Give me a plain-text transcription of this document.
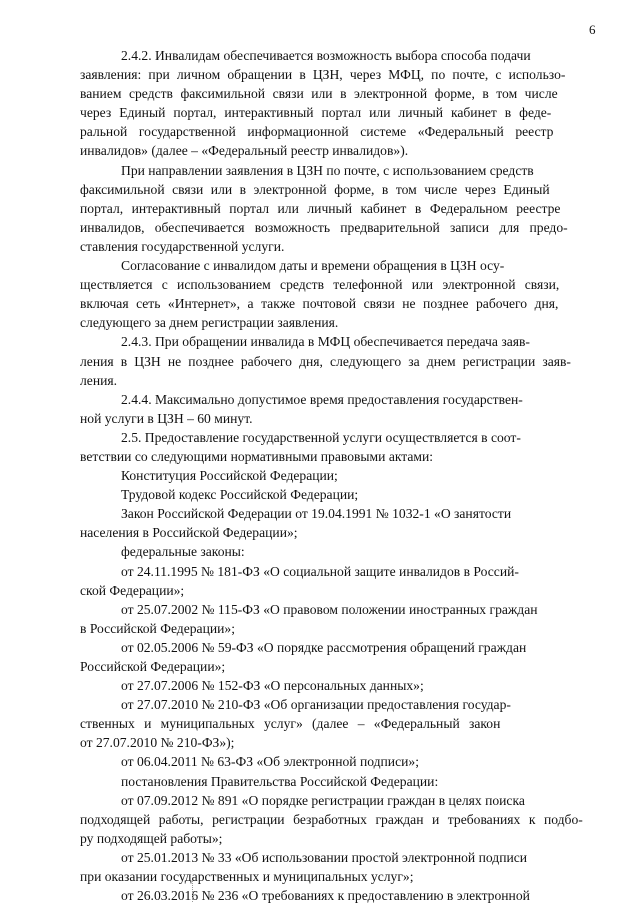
6
2.4.2. Инвалидам обеспечивается возможность выбора способа подачи
заявления: при личном обращении в ЦЗН, через МФЦ, по почте, с использо-
ванием средств факсимильной связи или в электронной форме, в том числе
через Единый портал, интерактивный портал или личный кабинет в феде-
ральной государственной информационной системе «Федеральный реестр
инвалидов» (далее – «Федеральный реестр инвалидов»).
При направлении заявления в ЦЗН по почте, с использованием средств
факсимильной связи или в электронной форме, в том числе через Единый
портал, интерактивный портал или личный кабинет в Федеральном реестре
инвалидов, обеспечивается возможность предварительной записи для предо-
ставления государственной услуги.
Согласование с инвалидом даты и времени обращения в ЦЗН осу-
ществляется с использованием средств телефонной или электронной связи,
включая сеть «Интернет», а также почтовой связи не позднее рабочего дня,
следующего за днем регистрации заявления.
2.4.3. При обращении инвалида в МФЦ обеспечивается передача заяв-
ления в ЦЗН не позднее рабочего дня, следующего за днем регистрации заяв-
ления.
2.4.4. Максимально допустимое время предоставления государствен-
ной услуги в ЦЗН – 60 минут.
2.5. Предоставление государственной услуги осуществляется в соот-
ветствии со следующими нормативными правовыми актами:
Конституция Российской Федерации;
Трудовой кодекс Российской Федерации;
Закон Российской Федерации от 19.04.1991 № 1032-1 «О занятости
населения в Российской Федерации»;
федеральные законы:
от 24.11.1995 № 181-ФЗ «О социальной защите инвалидов в Россий-
ской Федерации»;
от 25.07.2002 № 115-ФЗ «О правовом положении иностранных граждан
в Российской Федерации»;
от 02.05.2006 № 59-ФЗ «О порядке рассмотрения обращений граждан
Российской Федерации»;
от 27.07.2006 № 152-ФЗ «О персональных данных»;
от 27.07.2010 № 210-ФЗ «Об организации предоставления государ-
ственных и муниципальных услуг» (далее – «Федеральный закон
от 27.07.2010 № 210-ФЗ»);
от 06.04.2011 № 63-ФЗ «Об электронной подписи»;
постановления Правительства Российской Федерации:
от 07.09.2012 № 891 «О порядке регистрации граждан в целях поиска
подходящей работы, регистрации безработных граждан и требованиях к подбо-
ру подходящей работы»;
от 25.01.2013 № 33 «Об использовании простой электронной подписи
при оказании государственных и муниципальных услуг»;
от 26.03.2016 № 236 «О требованиях к предоставлению в электронной
